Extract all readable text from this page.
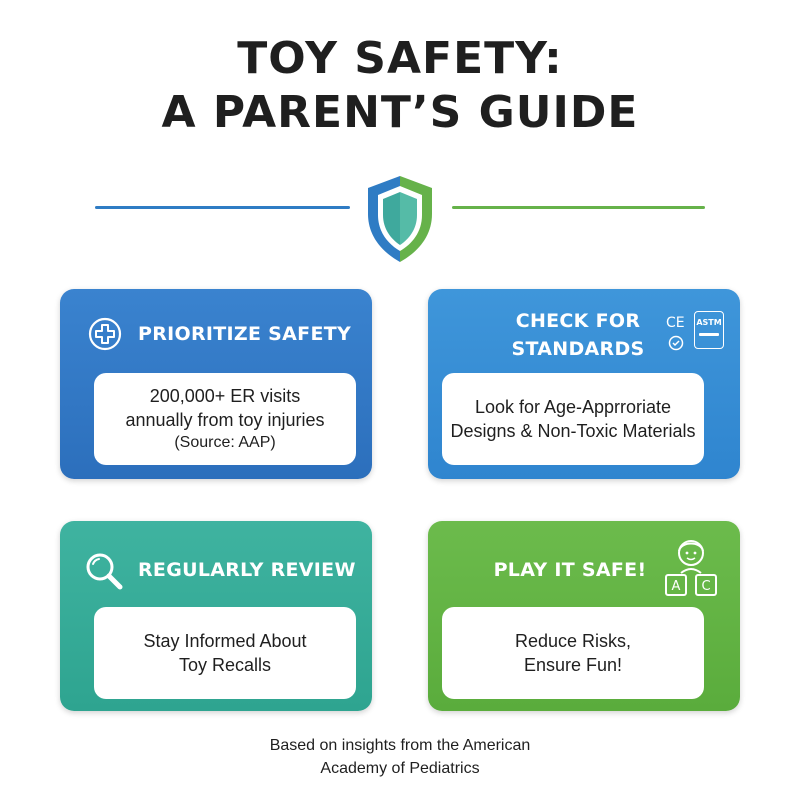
TOY SAFETY:
A PARENT’S GUIDE
PRIORITIZE SAFETY
200,000+ ER visits
annually from toy injuries
(Source: AAP)
CHECK FOR
STANDARDS
CE ASTM
Look for Age-Apprroriate
Designs & Non-Toxic Materials
REGULARLY REVIEW
Stay Informed About
Toy Recalls
PLAY IT SAFE!
A C
Reduce Risks,
Ensure Fun!
Based on insights from the American
Academy of Pediatrics
